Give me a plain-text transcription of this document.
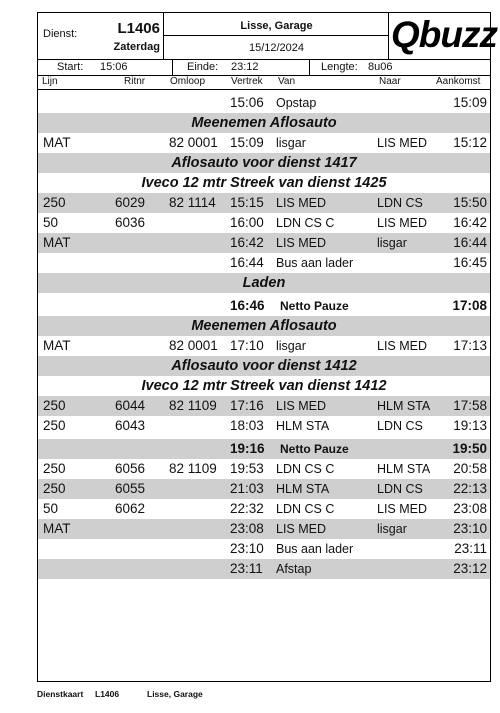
Dienst:	L1406
Zaterdag
Lisse, Garage
15/12/2024	Qbuzz
Start: 15:06	Einde: 23:12	Lengte: 8u06
Lijn	Ritnr Omloop	Vertrek Van	Naar	Aankomst
15:06 Opstap	15:09
Meenemen Aflosauto
MAT	82 0001 15:09 lisgar	LIS MED 15:12
Aflosauto voor dienst 1417
Iveco 12 mtr Streek van dienst 1425
250	6029 82 1114 15:15 LIS MED	LDN CS 15:50
50	6036	16:00 LDN CS C	LIS MED 16:42
MAT	16:42 LIS MED	lisgar	16:44
16:44 Bus aan lader	16:45
Laden
16:46 Netto Pauze	17:08
Meenemen Aflosauto
MAT	82 0001 17:10 lisgar	LIS MED 17:13
Aflosauto voor dienst 1412
Iveco 12 mtr Streek van dienst 1412
250	6044 82 1109 17:16 LIS MED	HLM STA 17:58
250	6043	18:03 HLM STA	LDN CS 19:13
19:16 Netto Pauze	19:50
250	6056 82 1109 19:53 LDN CS C	HLM STA 20:58
250	6055	21:03 HLM STA	LDN CS 22:13
50	6062	22:32 LDN CS C	LIS MED 23:08
MAT	23:08 LIS MED	lisgar	23:10
23:10 Bus aan lader	23:11
23:11 Afstap	23:12
Dienstkaart L1406	Lisse, Garage
